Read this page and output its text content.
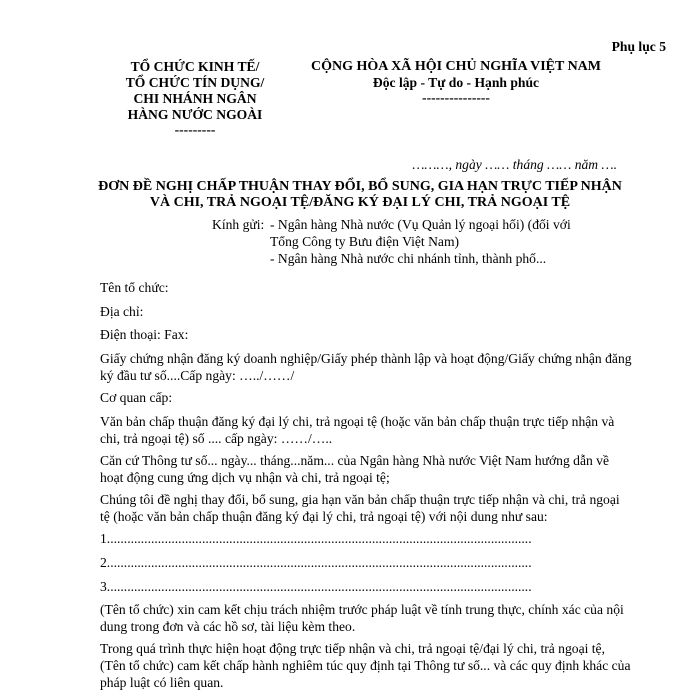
Phụ lục 5
TỔ CHỨC KINH TẾ/
TỔ CHỨC TÍN DỤNG/
CHI NHÁNH NGÂN
HÀNG NƯỚC NGOÀI
---------
CỘNG HÒA XÃ HỘI CHỦ NGHĨA VIỆT NAM
Độc lập - Tự do - Hạnh phúc
---------------
………, ngày …… tháng …… năm ….
ĐƠN ĐỀ NGHỊ CHẤP THUẬN THAY ĐỔI, BỔ SUNG, GIA HẠN TRỰC TIẾP NHẬN
VÀ CHI, TRẢ NGOẠI TỆ/ĐĂNG KÝ ĐẠI LÝ CHI, TRẢ NGOẠI TỆ
Kính gửi: - Ngân hàng Nhà nước (Vụ Quản lý ngoại hối) (đối với
Tổng Công ty Bưu điện Việt Nam)
- Ngân hàng Nhà nước chi nhánh tỉnh, thành phố...
Tên tổ chức:
Địa chỉ:
Điện thoại: Fax:
Giấy chứng nhận đăng ký doanh nghiệp/Giấy phép thành lập và hoạt động/Giấy chứng nhận đăng ký đầu tư số....Cấp ngày: …../……/
Cơ quan cấp:
Văn bản chấp thuận đăng ký đại lý chi, trả ngoại tệ (hoặc văn bản chấp thuận trực tiếp nhận và chi, trả ngoại tệ) số .... cấp ngày: ……/…..
Căn cứ Thông tư số... ngày... tháng...năm... của Ngân hàng Nhà nước Việt Nam hướng dẫn về hoạt động cung ứng dịch vụ nhận và chi, trả ngoại tệ;
Chúng tôi đề nghị thay đổi, bổ sung, gia hạn văn bản chấp thuận trực tiếp nhận và chi, trả ngoại tệ (hoặc văn bản chấp thuận đăng ký đại lý chi, trả ngoại tệ) với nội dung như sau:
1.............................................................................................................................
2.............................................................................................................................
3.............................................................................................................................
(Tên tổ chức) xin cam kết chịu trách nhiệm trước pháp luật về tính trung thực, chính xác của nội dung trong đơn và các hồ sơ, tài liệu kèm theo.
Trong quá trình thực hiện hoạt động trực tiếp nhận và chi, trả ngoại tệ/đại lý chi, trả ngoại tệ, (Tên tổ chức) cam kết chấp hành nghiêm túc quy định tại Thông tư số... và các quy định khác của pháp luật có liên quan.
